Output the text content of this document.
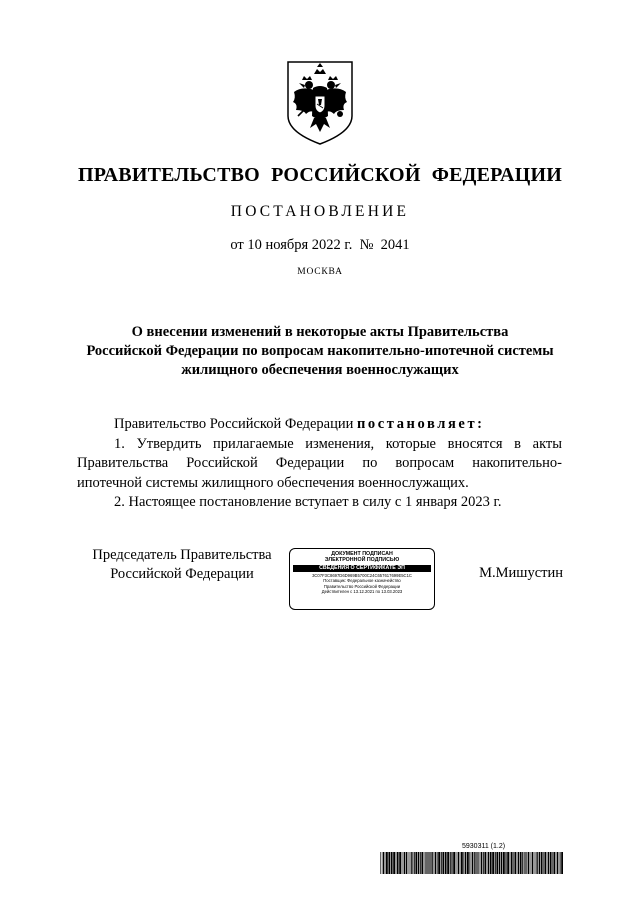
ПРАВИТЕЛЬСТВО РОССИЙСКОЙ ФЕДЕРАЦИИ
ПОСТАНОВЛЕНИЕ
от 10 ноября 2022 г.  №  2041
МОСКВА
О внесении изменений в некоторые акты Правительства
Российской Федерации по вопросам накопительно-ипотечной системы
жилищного обеспечения военнослужащих
Правительство Российской Федерации постановляет:
1. Утвердить прилагаемые изменения, которые вносятся в акты
Правительства Российской Федерации по вопросам накопительно-
ипотечной системы жилищного обеспечения военнослужащих.
2. Настоящее постановление вступает в силу с 1 января 2023 г.
Председатель Правительства
Российской Федерации
ДОКУМЕНТ ПОДПИСАН
ЭЛЕКТРОННОЙ ПОДПИСЬЮ
СВЕДЕНИЯ О СЕРТИФИКАТЕ ЭП
3C07F3C8697D6D969B5700C24C657617699E5C1C
Поставщик: Федеральное казначейство
Правительство Российской Федерации
Действителен с 13.12.2021 по 13.03.2023
М.Мишустин
5930311 (1.2)
